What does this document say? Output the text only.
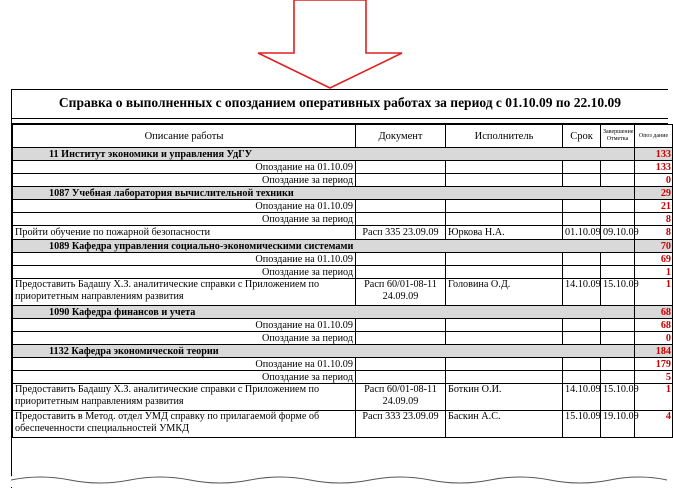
Справка о выполненных с опозданием оперативных работах за период с 01.10.09 по 22.10.09
Описание работы	Документ	Исполнитель	Срок	Завершение Отметка	Опоз дание
11 Институт экономики и управления УдГУ					133
Опоздание на 01.10.09					133
Опоздание за период					0
1087 Учебная лаборатория вычислительной техники					29
Опоздание на 01.10.09					21
Опоздание за период					8
Пройти обучение по пожарной безопасности	Расп 335 23.09.09	Юркова Н.А.	01.10.09	09.10.09	8
1089 Кафедра управления социально-экономическими системами					70
Опоздание на 01.10.09					69
Опоздание за период					1
Предоставить Бадашу Х.З. аналитические справки с Приложением по приоритетным направлениям развития	Расп 60/01-08-11 24.09.09	Головина О.Д.	14.10.09	15.10.09	1
1090 Кафедра финансов и учета					68
Опоздание на 01.10.09					68
Опоздание за период					0
1132 Кафедра экономической теории					184
Опоздание на 01.10.09					179
Опоздание за период					5
Предоставить Бадашу Х.З. аналитические справки с Приложением по приоритетным направлениям развития	Расп 60/01-08-11 24.09.09	Боткин О.И.	14.10.09	15.10.09	1
Предоставить в Метод. отдел УМД справку по прилагаемой форме об обеспеченности специальностей УМКД	Расп 333 23.09.09	Баскин А.С.	15.10.09	19.10.09	4
